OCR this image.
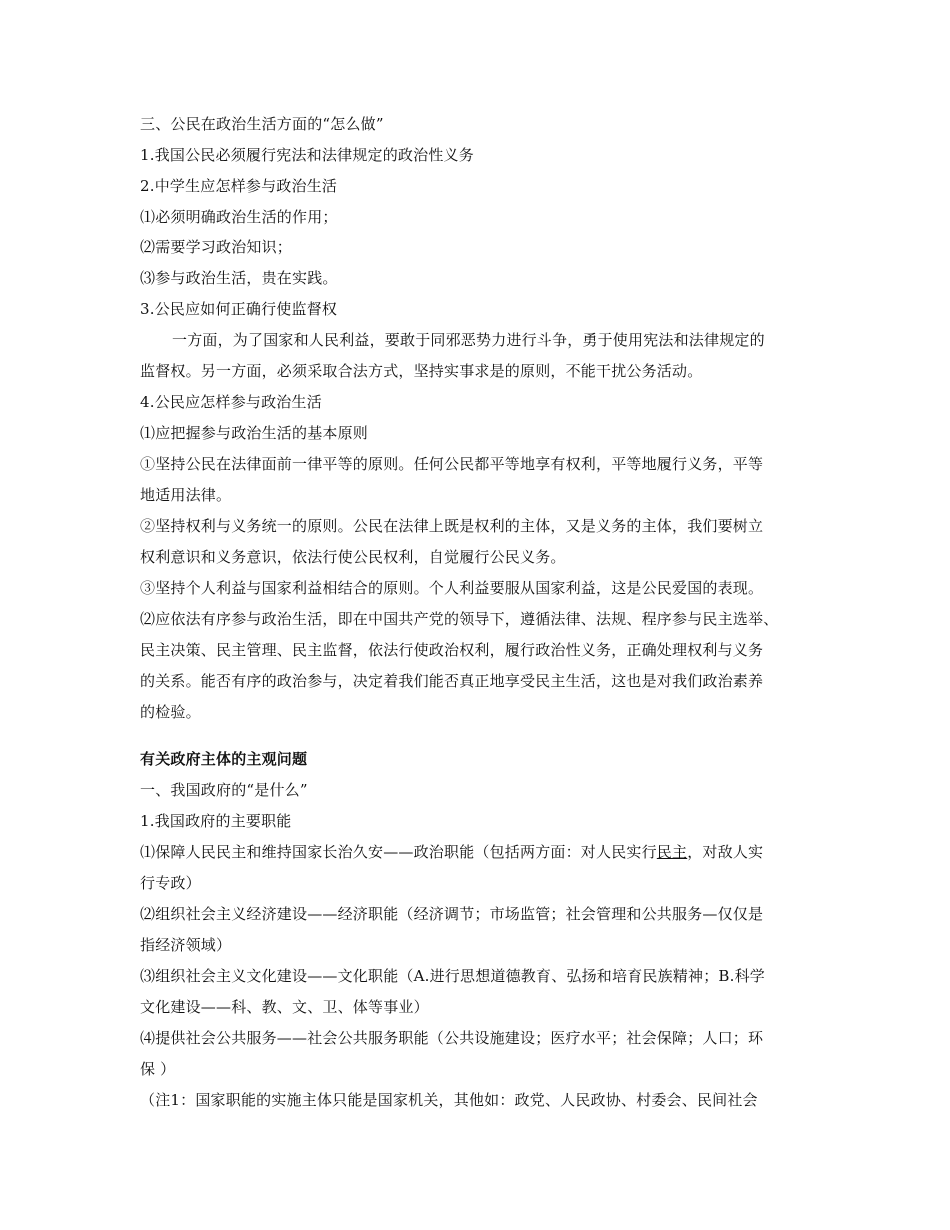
三、公民在政治生活方面的“怎么做”
1.我国公民必须履行宪法和法律规定的政治性义务
2.中学生应怎样参与政治生活
⑴必须明确政治生活的作用；
⑵需要学习政治知识；
⑶参与政治生活，贵在实践。
3.公民应如何正确行使监督权
一方面，为了国家和人民利益，要敢于同邪恶势力进行斗争，勇于使用宪法和法律规定的
监督权。另一方面，必须采取合法方式，坚持实事求是的原则，不能干扰公务活动。
4.公民应怎样参与政治生活
⑴应把握参与政治生活的基本原则
①坚持公民在法律面前一律平等的原则。任何公民都平等地享有权利，平等地履行义务，平等
地适用法律。
②坚持权利与义务统一的原则。公民在法律上既是权利的主体，又是义务的主体，我们要树立
权利意识和义务意识，依法行使公民权利，自觉履行公民义务。
③坚持个人利益与国家利益相结合的原则。个人利益要服从国家利益，这是公民爱国的表现。
⑵应依法有序参与政治生活，即在中国共产党的领导下，遵循法律、法规、程序参与民主选举、
民主决策、民主管理、民主监督，依法行使政治权利，履行政治性义务，正确处理权利与义务
的关系。能否有序的政治参与，决定着我们能否真正地享受民主生活，这也是对我们政治素养
的检验。
有关政府主体的主观问题
一、我国政府的“是什么”
1.我国政府的主要职能
⑴保障人民民主和维持国家长治久安——政治职能（包括两方面：对人民实行民主，对敌人实
行专政）
⑵组织社会主义经济建设——经济职能（经济调节；市场监管；社会管理和公共服务—仅仅是
指经济领域）
⑶组织社会主义文化建设——文化职能（A.进行思想道德教育、弘扬和培育民族精神；B.科学
文化建设——科、教、文、卫、体等事业）
⑷提供社会公共服务——社会公共服务职能（公共设施建设；医疗水平；社会保障；人口；环
保 ）
（注1：国家职能的实施主体只能是国家机关，其他如：政党、人民政协、村委会、民间社会
